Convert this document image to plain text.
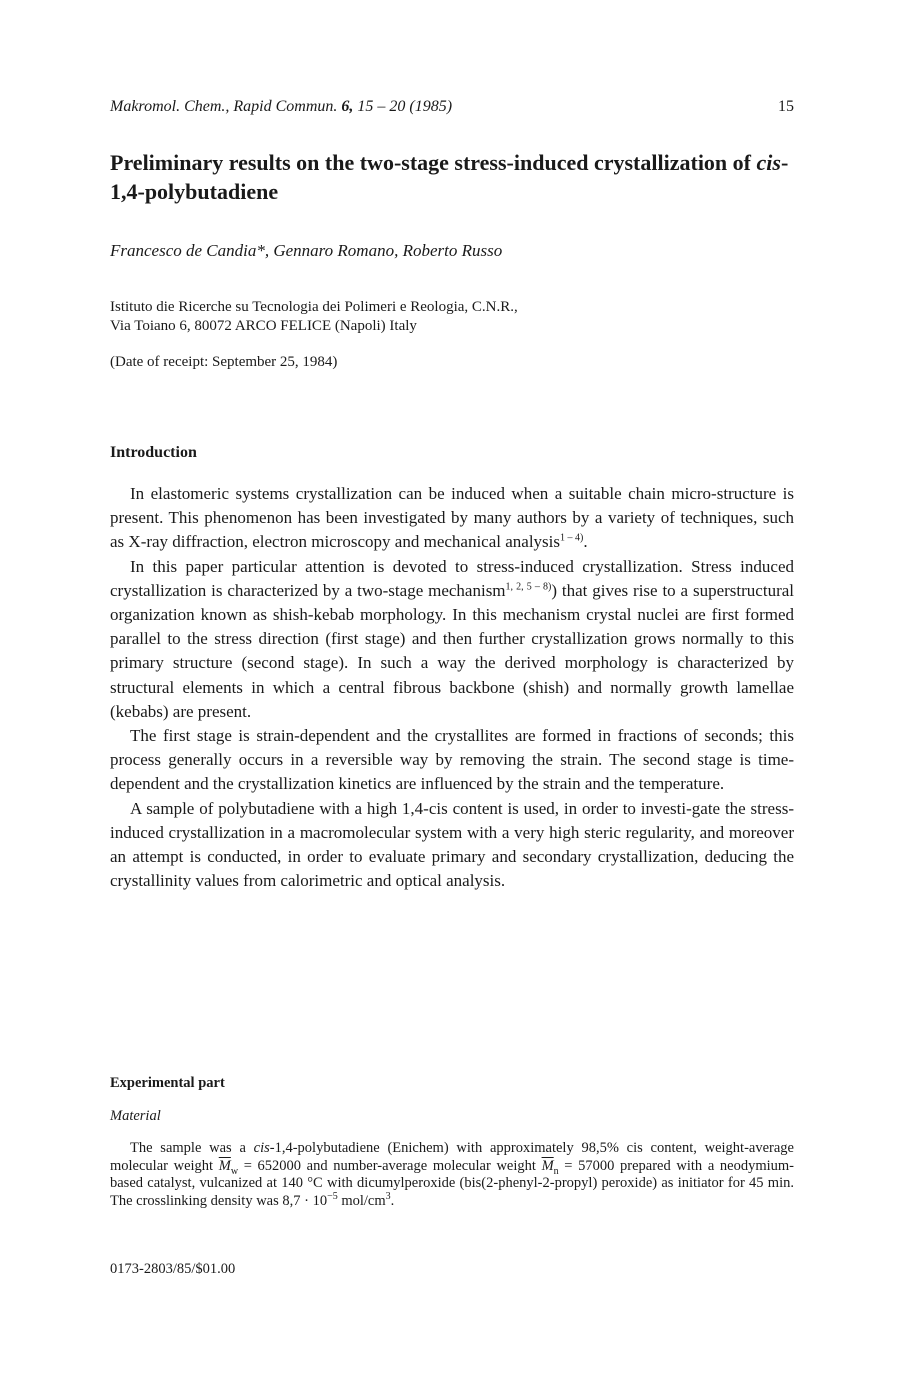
Makromol. Chem., Rapid Commun. 6, 15 – 20 (1985)	15
Preliminary results on the two-stage stress-induced crystallization of cis-1,4-polybutadiene
Francesco de Candia*, Gennaro Romano, Roberto Russo
Istituto die Ricerche su Tecnologia dei Polimeri e Reologia, C.N.R.,
Via Toiano 6, 80072 ARCO FELICE (Napoli) Italy
(Date of receipt: September 25, 1984)
Introduction

In elastomeric systems crystallization can be induced when a suitable chain micro-structure is present. This phenomenon has been investigated by many authors by a variety of techniques, such as X-ray diffraction, electron microscopy and mechanical analysis$^{1 - 4)}$.

In this paper particular attention is devoted to stress-induced crystallization. Stress induced crystallization is characterized by a two-stage mechanism$^{1, 2, 5 - 8)}$) that gives rise to a superstructural organization known as shish-kebab morphology. In this mechanism crystal nuclei are first formed parallel to the stress direction (first stage) and then further crystallization grows normally to this primary structure (second stage). In such a way the derived morphology is characterized by structural elements in which a central fibrous backbone (shish) and normally growth lamellae (kebabs) are present.

The first stage is strain-dependent and the crystallites are formed in fractions of seconds; this process generally occurs in a reversible way by removing the strain. The second stage is time-dependent and the crystallization kinetics are influenced by the strain and the temperature.

A sample of polybutadiene with a high 1,4-cis content is used, in order to investi-gate the stress-induced crystallization in a macromolecular system with a very high steric regularity, and moreover an attempt is conducted, in order to evaluate primary and secondary crystallization, deducing the crystallinity values from calorimetric and optical analysis.

Experimental part
Material

The sample was a cis-1,4-polybutadiene (Enichem) with approximately 98,5% cis content, weight-average molecular weight $\overline{M}_w = 652000$ and number-average molecular weight $\overline{M}_n = 57000$ prepared with a neodymium-based catalyst, vulcanized at 140 °C with dicumylperoxide (bis(2-phenyl-2-propyl) peroxide) as initiator for 45 min. The crosslinking density was $8,7 \cdot 10^{-5}$ mol/$cm^3$.

0173-2803/85/$01.00
